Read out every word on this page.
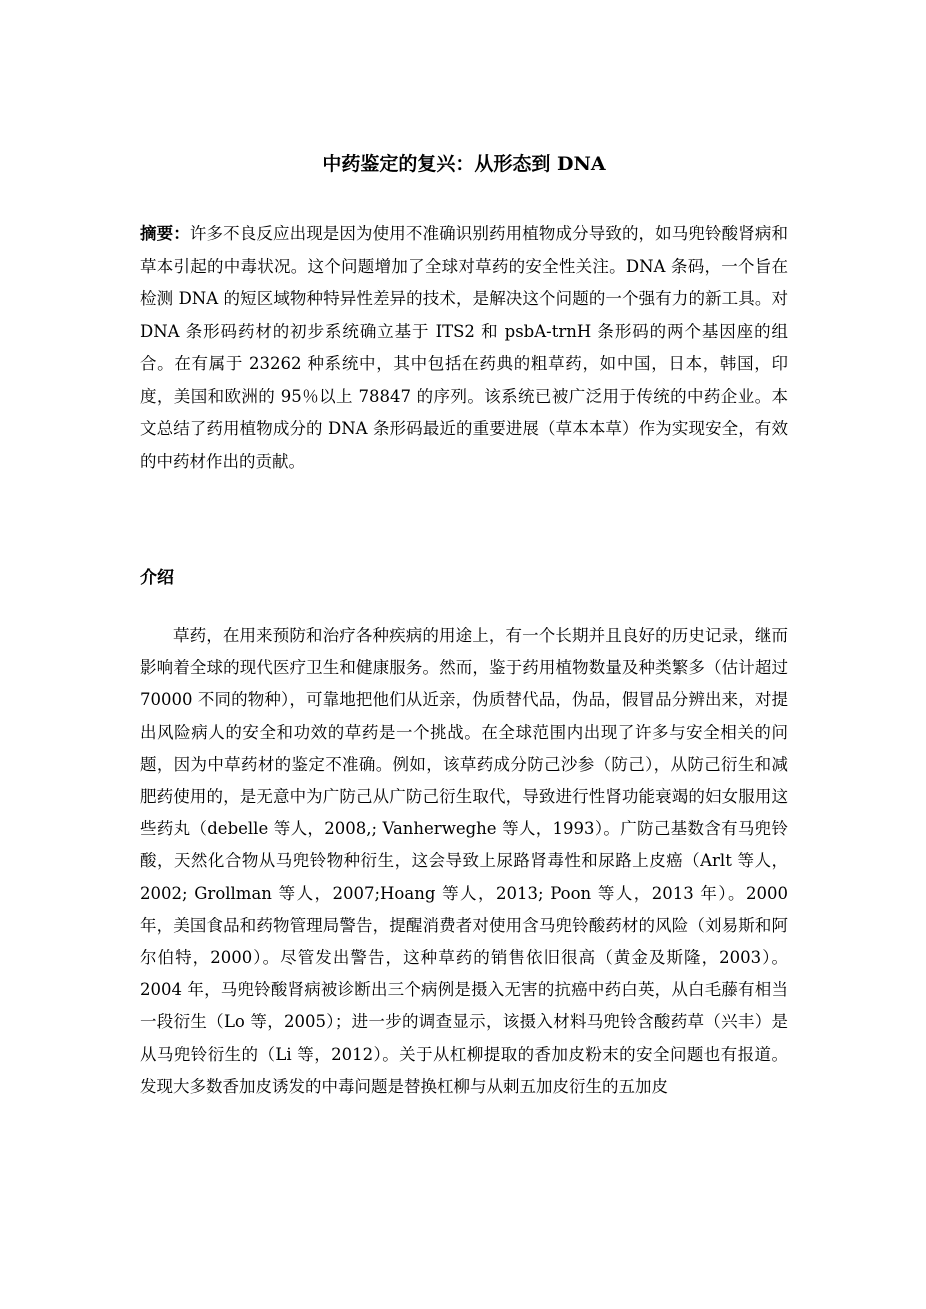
中药鉴定的复兴：从形态到 DNA
摘要：许多不良反应出现是因为使用不准确识别药用植物成分导致的，如马兜铃酸肾病和草本引起的中毒状况。这个问题增加了全球对草药的安全性关注。DNA 条码，一个旨在检测 DNA 的短区域物种特异性差异的技术，是解决这个问题的一个强有力的新工具。对 DNA 条形码药材的初步系统确立基于 ITS2 和 psbA-trnH 条形码的两个基因座的组合。在有属于 23262 种系统中，其中包括在药典的粗草药，如中国，日本，韩国，印度，美国和欧洲的 95％以上 78847 的序列。该系统已被广泛用于传统的中药企业。本文总结了药用植物成分的 DNA 条形码最近的重要进展（草本本草）作为实现安全，有效的中药材作出的贡献。
介绍
草药，在用来预防和治疗各种疾病的用途上，有一个长期并且良好的历史记录，继而影响着全球的现代医疗卫生和健康服务。然而，鉴于药用植物数量及种类繁多（估计超过 70000 不同的物种），可靠地把他们从近亲，伪质替代品，伪品，假冒品分辨出来，对提出风险病人的安全和功效的草药是一个挑战。在全球范围内出现了许多与安全相关的问题，因为中草药材的鉴定不准确。例如，该草药成分防己沙参（防己），从防己衍生和减肥药使用的，是无意中为广防己从广防己衍生取代，导致进行性肾功能衰竭的妇女服用这些药丸（debelle 等人，2008,; Vanherweghe 等人，1993）。广防己基数含有马兜铃酸，天然化合物从马兜铃物种衍生，这会导致上尿路肾毒性和尿路上皮癌（Arlt 等人，2002; Grollman 等人，2007;Hoang 等人，2013; Poon 等人，2013 年）。2000 年，美国食品和药物管理局警告，提醒消费者对使用含马兜铃酸药材的风险（刘易斯和阿尔伯特，2000）。尽管发出警告，这种草药的销售依旧很高（黄金及斯隆，2003）。2004 年，马兜铃酸肾病被诊断出三个病例是摄入无害的抗癌中药白英，从白毛藤有相当一段衍生（Lo 等，2005）；进一步的调查显示，该摄入材料马兜铃含酸药草（兴丰）是从马兜铃衍生的（Li 等，2012）。关于从杠柳提取的香加皮粉末的安全问题也有报道。发现大多数香加皮诱发的中毒问题是替换杠柳与从刺五加皮衍生的五加皮
